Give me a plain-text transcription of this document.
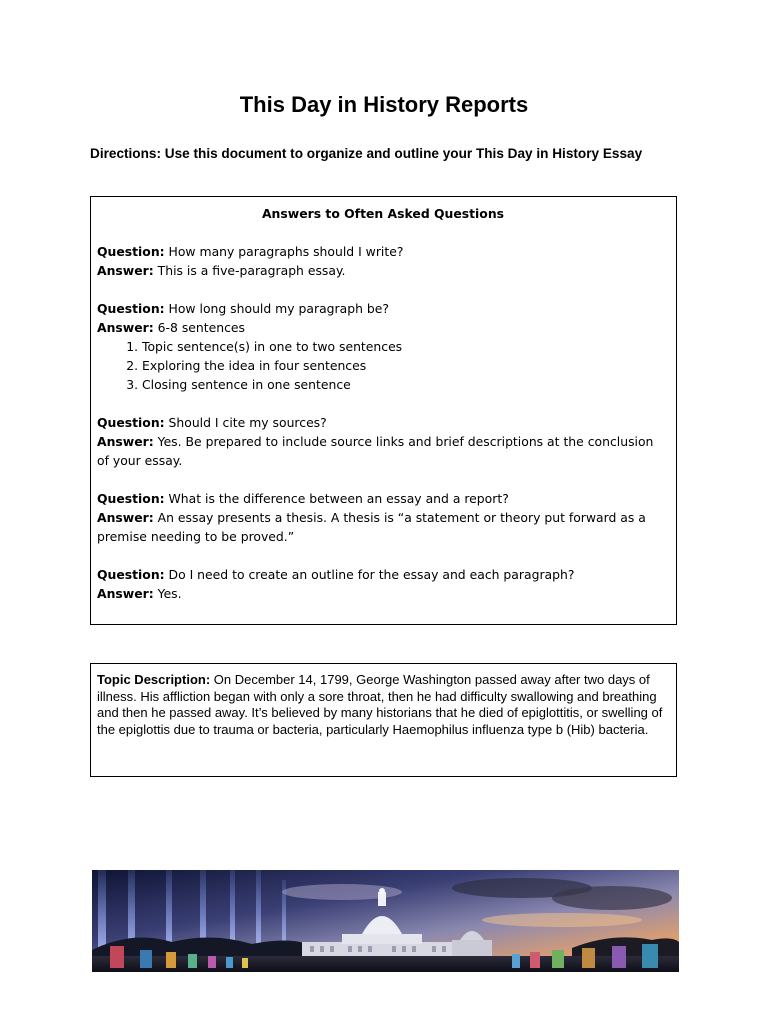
This Day in History Reports

Directions: Use this document to organize and outline your This Day in History Essay

Answers to Often Asked Questions

Question: How many paragraphs should I write?

Answer: This is a five-paragraph essay.

Question: How long should my paragraph be?

Answer: 6-8 sentences

1. Topic sentence(s) in one to two sentences
2. Exploring the idea in four sentences
3. Closing sentence in one sentence

Question: Should I cite my sources?

Answer: Yes. Be prepared to include source links and brief descriptions at the conclusion of your essay.

Question: What is the difference between an essay and a report?

Answer: An essay presents a thesis. A thesis is “a statement or theory put forward as a premise needing to be proved.”

Question: Do I need to create an outline for the essay and each paragraph?

Answer: Yes.

Topic Description: On December 14, 1799, George Washington passed away after two days of illness. His affliction began with only a sore throat, then he had difficulty swallowing and breathing and then he passed away. It’s believed by many historians that he died of epiglottitis, or swelling of the epiglottis due to trauma or bacteria, particularly Haemophilus influenza type b (Hib) bacteria.
